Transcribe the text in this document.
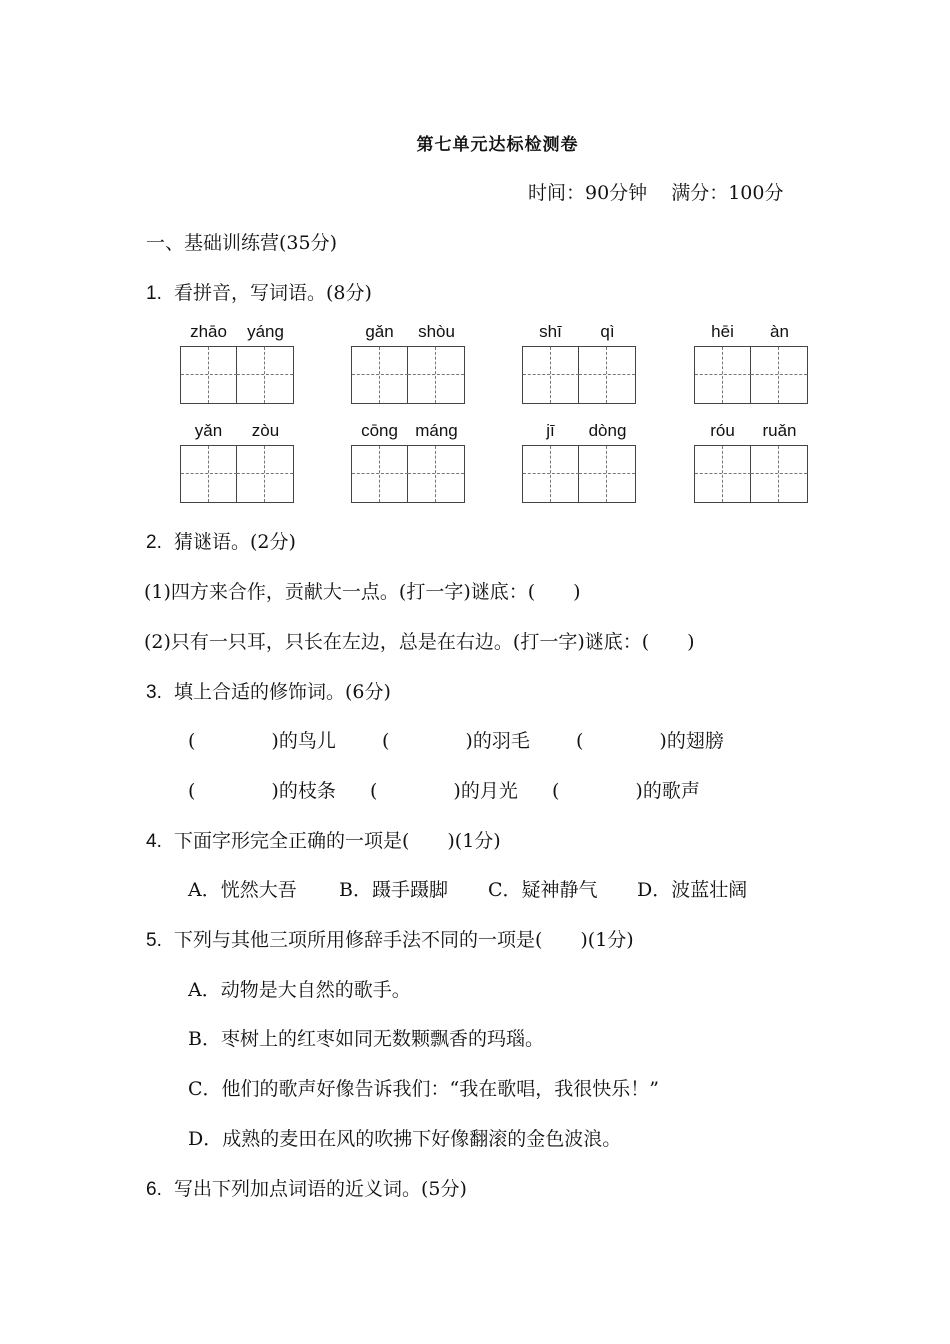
第七单元达标检测卷
时间：90分钟 满分：100分
一、基础训练营(35分)
1. 看拼音，写词语。(8分)
zhāo	yáng	gǎn	shòu	shī	qì	hēi	àn
yǎn	zòu	cōng	máng	jī	dòng	róu	ruǎn
2. 猜谜语。(2分)
(1)四方来合作，贡献大一点。(打一字)谜底：(　　)
(2)只有一只耳，只长在左边，总是在右边。(打一字)谜底：(　　)
3. 填上合适的修饰词。(6分)
(　　　　)的鸟儿 (　　　　)的羽毛 (　　　　)的翅膀
(　　　　)的枝条 (　　　　)的月光 (　　　　)的歌声
4. 下面字形完全正确的一项是(　　)(1分)
A．恍然大吾 B．蹑手蹑脚 C．疑神静气 D．波蓝壮阔
5. 下列与其他三项所用修辞手法不同的一项是(　　)(1分)
A．动物是大自然的歌手。
B．枣树上的红枣如同无数颗飘香的玛瑙。
C．他们的歌声好像告诉我们：“我在歌唱，我很快乐！”
D．成熟的麦田在风的吹拂下好像翻滚的金色波浪。
6. 写出下列加点词语的近义词。(5分)
